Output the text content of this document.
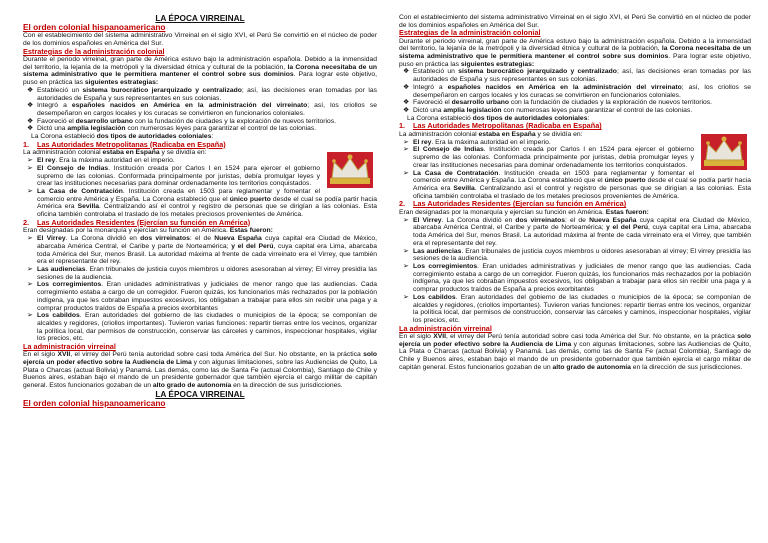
LA ÉPOCA VIRREINAL
El orden colonial hispanoamericano

Con el establecimiento del sistema administrativo Virreinal en el siglo XVI, el Perú Se convirtió en el núcleo de poder de los dominios españoles en América del Sur.

Estrategias de la administración colonial

Durante el periodo virreinal, gran parte de América estuvo bajo la administración española. Debido a la inmensidad del territorio, la lejanía de la metrópoli y la diversidad étnica y cultural de la población, la Corona necesitaba de un sistema administrativo que le permitiera mantener el control sobre sus dominios. Para lograr este objetivo, puso en práctica las siguientes estrategias:

❖ Estableció un sistema burocrático jerarquizado y centralizado; así, las decisiones eran tomadas por las autoridades de España y sus representantes en sus colonias.
❖ Integró a españoles nacidos en América en la administración del virreinato; así, los criollos se desempeñaron en cargos locales y los curacas se convirtieron en funcionarios coloniales.
❖ Favoreció el desarrollo urbano con la fundación de ciudades y la exploración de nuevos territorios.
❖ Dictó una amplia legislación con numerosas leyes para garantizar el control de las colonias.

La Corona estableció dos tipos de autoridades coloniales:

1. Las Autoridades Metropolitanas (Radicaba en España)

La administración colonial estaba en España y se dividía en:

➢ El rey. Era la máxima autoridad en el imperio.
➢ El Consejo de Indias. Institución creada por Carlos I en 1524 para ejercer el gobierno supremo de las colonias. Conformada principalmente por juristas, debía promulgar leyes y crear las instituciones necesarias para dominar ordenadamente los territorios conquistados.
➢ La Casa de Contratación. Institución creada en 1503 para reglamentar y fomentar el comercio entre América y España. La Corona estableció que el único puerto desde el cual se podía partir hacia América era Sevilla. Centralizando así el control y registro de personas que se dirigían a las colonias. Esta oficina también controlaba el traslado de los metales preciosos provenientes de América.
2. Las Autoridades Residentes (Ejercían su función en América)

Eran designadas por la monarquía y ejercían su función en América. Estas fueron:

➢ El Virrey. La Corona dividió en dos virreinatos: el de Nueva España cuya capital era Ciudad de México, abarcaba América Central, el Caribe y parte de Norteamérica; y el del Perú, cuya capital era Lima, abarcaba toda América del Sur, menos Brasil. La autoridad máxima al frente de cada virreinato era el Virrey, que también era el representante del rey.
➢ Las audiencias. Eran tribunales de justicia cuyos miembros u oidores asesoraban al virrey; El virrey presidía las sesiones de la audiencia.
➢ Los corregimientos. Eran unidades administrativas y judiciales de menor rango que las audiencias. Cada corregimiento estaba a cargo de un corregidor. Fueron quizás, los funcionarios más rechazados por la población indígena, ya que les cobraban impuestos excesivos, los obligaban a trabajar para ellos sin recibir una paga y a comprar productos traídos de España a precios exorbitantes
➢ Los cabildos. Eran autoridades del gobierno de las ciudades o municipios de la época; se componían de alcaldes y regidores, (criollos importantes). Tuvieron varias funciones: repartir tierras entre los vecinos, organizar la política local, dar permisos de construcción, conservar las cárceles y caminos, inspeccionar hospitales, vigilar los precios, etc.
La administración virreinal

En el siglo XVII, el virrey del Perú tenía autoridad sobre casi toda América del Sur. No obstante, en la práctica solo ejercía un poder efectivo sobre la Audiencia de Lima y con algunas limitaciones, sobre las Audiencias de Quito, La Plata o Charcas (actual Bolivia) y Panamá. Las demás, como las de Santa Fe (actual Colombia), Santiago de Chile y Buenos aires, estaban bajo el mando de un presidente gobernador que también ejercía el cargo militar de capitán general. Estos funcionarios gozaban de un alto grado de autonomía en la dirección de sus jurisdicciones.

LA ÉPOCA VIRREINAL
El orden colonial hispanoamericano

Con el establecimiento del sistema administrativo Virreinal en el siglo XVI, el Perú Se convirtió en el núcleo de poder de los dominios españoles en América del Sur.

Estrategias de la administración colonial

Durante el periodo virreinal, gran parte de América estuvo bajo la administración española. Debido a la inmensidad del territorio, la lejanía de la metrópoli y la diversidad étnica y cultural de la población, la Corona necesitaba de un sistema administrativo que le permitiera mantener el control sobre sus dominios. Para lograr este objetivo, puso en práctica las siguientes estrategias:

❖ Estableció un sistema burocrático jerarquizado y centralizado; así, las decisiones eran tomadas por las autoridades de España y sus representantes en sus colonias.
❖ Integró a españoles nacidos en América en la administración del virreinato; así, los criollos se desempeñaron en cargos locales y los curacas se convirtieron en funcionarios coloniales.
❖ Favoreció el desarrollo urbano con la fundación de ciudades y la exploración de nuevos territorios.
❖ Dictó una amplia legislación con numerosas leyes para garantizar el control de las colonias.

La Corona estableció dos tipos de autoridades coloniales:

1. Las Autoridades Metropolitanas (Radicaba en España)

La administración colonial estaba en España y se dividía en:

➢ El rey. Era la máxima autoridad en el imperio.
➢ El Consejo de Indias. Institución creada por Carlos I en 1524 para ejercer el gobierno supremo de las colonias. Conformada principalmente por juristas, debía promulgar leyes y crear las instituciones necesarias para dominar ordenadamente los territorios conquistados.
➢ La Casa de Contratación. Institución creada en 1503 para reglamentar y fomentar el comercio entre América y España. La Corona estableció que el único puerto desde el cual se podía partir hacia América era Sevilla. Centralizando así el control y registro de personas que se dirigían a las colonias. Esta oficina también controlaba el traslado de los metales preciosos provenientes de América.
2. Las Autoridades Residentes (Ejercían su función en América)

Eran designadas por la monarquía y ejercían su función en América. Estas fueron:

➢ El Virrey. La Corona dividió en dos virreinatos: el de Nueva España cuya capital era Ciudad de México, abarcaba América Central, el Caribe y parte de Norteamérica; y el del Perú, cuya capital era Lima, abarcaba toda América del Sur, menos Brasil. La autoridad máxima al frente de cada virreinato era el Virrey, que también era el representante del rey.
➢ Las audiencias. Eran tribunales de justicia cuyos miembros u oidores asesoraban al virrey; El virrey presidía las sesiones de la audiencia.
➢ Los corregimientos. Eran unidades administrativas y judiciales de menor rango que las audiencias. Cada corregimiento estaba a cargo de un corregidor. Fueron quizás, los funcionarios más rechazados por la población indígena, ya que les cobraban impuestos excesivos, los obligaban a trabajar para ellos sin recibir una paga y a comprar productos traídos de España a precios exorbitantes
➢ Los cabildos. Eran autoridades del gobierno de las ciudades o municipios de la época; se componían de alcaldes y regidores, (criollos importantes). Tuvieron varias funciones: repartir tierras entre los vecinos, organizar la política local, dar permisos de construcción, conservar las cárceles y caminos, inspeccionar hospitales, vigilar los precios, etc.
La administración virreinal

En el siglo XVII, el virrey del Perú tenía autoridad sobre casi toda América del Sur. No obstante, en la práctica solo ejercía un poder efectivo sobre la Audiencia de Lima y con algunas limitaciones, sobre las Audiencias de Quito, La Plata o Charcas (actual Bolivia) y Panamá. Las demás, como las de Santa Fe (actual Colombia), Santiago de Chile y Buenos aires, estaban bajo el mando de un presidente gobernador que también ejercía el cargo militar de capitán general. Estos funcionarios gozaban de un alto grado de autonomía en la dirección de sus jurisdicciones.
